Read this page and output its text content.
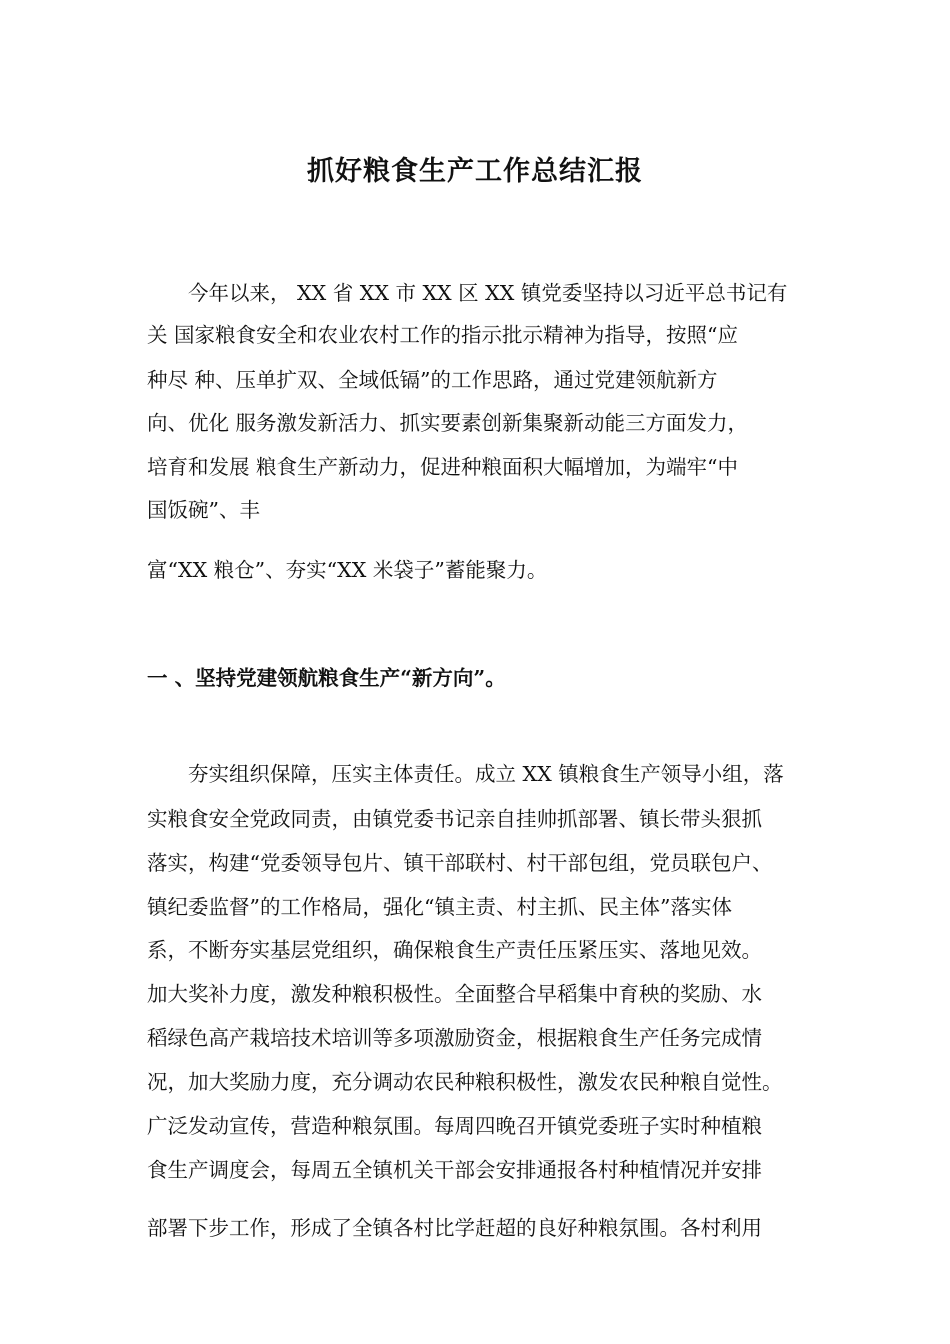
抓好粮食生产工作总结汇报
今年以来， XX 省 XX 市 XX 区 XX 镇党委坚持以习近平总书记有
关 国家粮食安全和农业农村工作的指示批示精神为指导，按照“应
种尽 种、压单扩双、全域低镉”的工作思路，通过党建领航新方
向、优化 服务激发新活力、抓实要素创新集聚新动能三方面发力，
培育和发展 粮食生产新动力，促进种粮面积大幅增加，为端牢“中
国饭碗”、丰
富“XX 粮仓”、夯实“XX 米袋子”蓄能聚力。
一 、坚持党建领航粮食生产“新方向”。
夯实组织保障，压实主体责任。成立 XX 镇粮食生产领导小组，落
实粮食安全党政同责，由镇党委书记亲自挂帅抓部署、镇长带头狠抓
落实，构建“党委领导包片、镇干部联村、村干部包组，党员联包户、
镇纪委监督”的工作格局，强化“镇主责、村主抓、民主体”落实体
系，不断夯实基层党组织，确保粮食生产责任压紧压实、落地见效。
加大奖补力度，激发种粮积极性。全面整合早稻集中育秧的奖励、水
稻绿色高产栽培技术培训等多项激励资金，根据粮食生产任务完成情
况，加大奖励力度，充分调动农民种粮积极性，激发农民种粮自觉性。
广泛发动宣传，营造种粮氛围。每周四晚召开镇党委班子实时种植粮
食生产调度会，每周五全镇机关干部会安排通报各村种植情况并安排
部署下步工作，形成了全镇各村比学赶超的良好种粮氛围。各村利用
